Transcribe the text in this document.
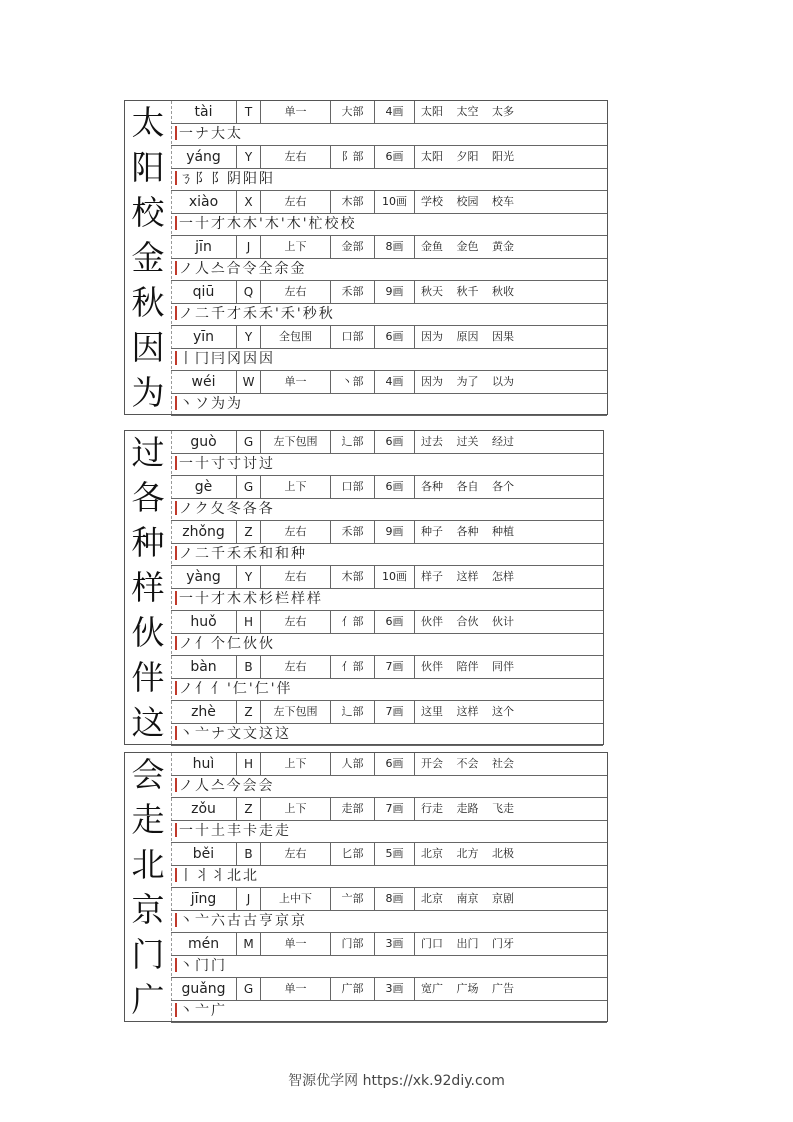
太	tài	T	单一	大部	4画	太阳 太空 太多
一ナ大太
阳	yáng	Y	左右	阝部	6画	太阳 夕阳 阳光
ㄋ阝阝阴阳阳
校	xiào	X	左右	木部	10画	学校 校园 校车
一十才木木'木'木'杧校校
金	jīn	J	上下	金部	8画	金鱼 金色 黄金
ノ人스合令全余金
秋	qiū	Q	左右	禾部	9画	秋天 秋千 秋收
ノ二千才禾禾'禾'秒秋
因	yīn	Y	全包围	口部	6画	因为 原因 因果
丨冂冃冈因因
为	wéi	W	单一	丶部	4画	因为 为了 以为
丶ソ为为
过	guò	G	左下包围	辶部	6画	过去 过关 经过
一十寸寸讨过
各	gè	G	上下	口部	6画	各种 各自 各个
ノク夂冬各各
种	zhǒng	Z	左右	禾部	9画	种子 各种 种植
ノ二千禾禾和和种
样	yàng	Y	左右	木部	10画	样子 这样 怎样
一十才木术杉栏样样
伙	huǒ	H	左右	亻部	6画	伙伴 合伙 伙计
ノ亻个仁伙伙
伴	bàn	B	左右	亻部	7画	伙伴 陪伴 同伴
ノ亻亻'仁'仁'伴
这	zhè	Z	左下包围	辶部	7画	这里 这样 这个
丶亠ナ文文这这
会	huì	H	上下	人部	6画	开会 不会 社会
ノ人스今会会
走	zǒu	Z	上下	走部	7画	行走 走路 飞走
一十土丰卡走走
北	běi	B	左右	匕部	5画	北京 北方 北极
丨丬丬北北
京	jīng	J	上中下	亠部	8画	北京 南京 京剧
丶亠六古古亨京京
门	mén	M	单一	门部	3画	门口 出门 门牙
丶门门
广	guǎng	G	单一	广部	3画	宽广 广场 广告
丶亠广
智源优学网 https://xk.92diy.com
